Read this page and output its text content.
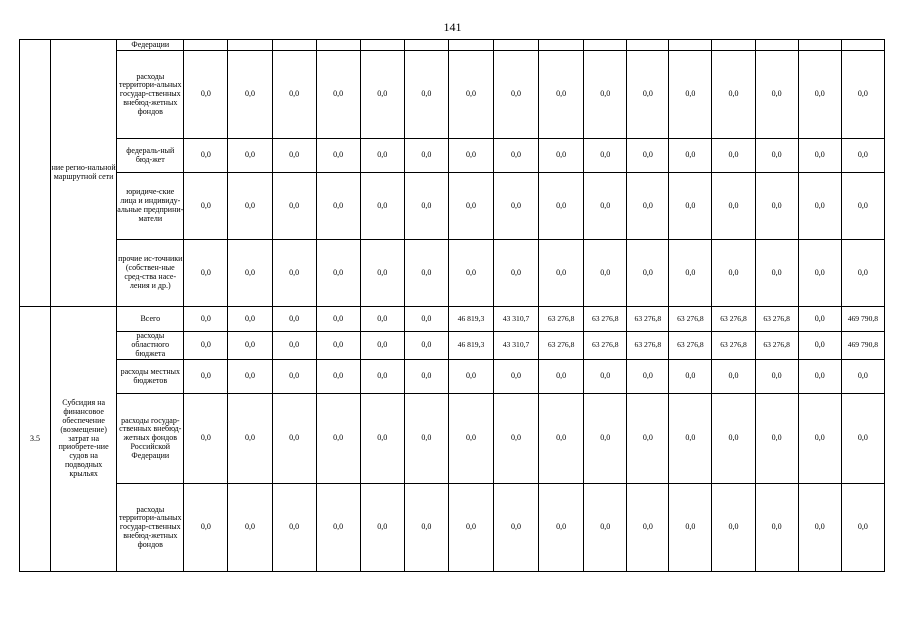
141
	ние регио-нальной маршрутной сети	Федерации																
		расходы территори-альных государ-ственных внебюд-жетных фондов	0,0	0,0	0,0	0,0	0,0	0,0	0,0	0,0	0,0	0,0	0,0	0,0	0,0	0,0	0,0	0,0
		федераль-ный бюд-жет	0,0	0,0	0,0	0,0	0,0	0,0	0,0	0,0	0,0	0,0	0,0	0,0	0,0	0,0	0,0	0,0
		юридиче-ские лица и индивиду-альные предприни-матели	0,0	0,0	0,0	0,0	0,0	0,0	0,0	0,0	0,0	0,0	0,0	0,0	0,0	0,0	0,0	0,0
		прочие ис-точники (собствен-ные сред-ства насе-ления и др.)	0,0	0,0	0,0	0,0	0,0	0,0	0,0	0,0	0,0	0,0	0,0	0,0	0,0	0,0	0,0	0,0
3.5	Субсидия на финансовое обеспечение (возмещение) затрат на приобрете-ние судов на подводных крыльях	Всего	0,0	0,0	0,0	0,0	0,0	0,0	46 819,3	43 310,7	63 276,8	63 276,8	63 276,8	63 276,8	63 276,8	63 276,8	0,0	469 790,8
		расходы областного бюджета	0,0	0,0	0,0	0,0	0,0	0,0	46 819,3	43 310,7	63 276,8	63 276,8	63 276,8	63 276,8	63 276,8	63 276,8	0,0	469 790,8
		расходы местных бюджетов	0,0	0,0	0,0	0,0	0,0	0,0	0,0	0,0	0,0	0,0	0,0	0,0	0,0	0,0	0,0	0,0
		расходы государ-ственных внебюд-жетных фондов Российской Федерации	0,0	0,0	0,0	0,0	0,0	0,0	0,0	0,0	0,0	0,0	0,0	0,0	0,0	0,0	0,0	0,0
		расходы территори-альных государ-ственных внебюд-жетных фондов	0,0	0,0	0,0	0,0	0,0	0,0	0,0	0,0	0,0	0,0	0,0	0,0	0,0	0,0	0,0	0,0
